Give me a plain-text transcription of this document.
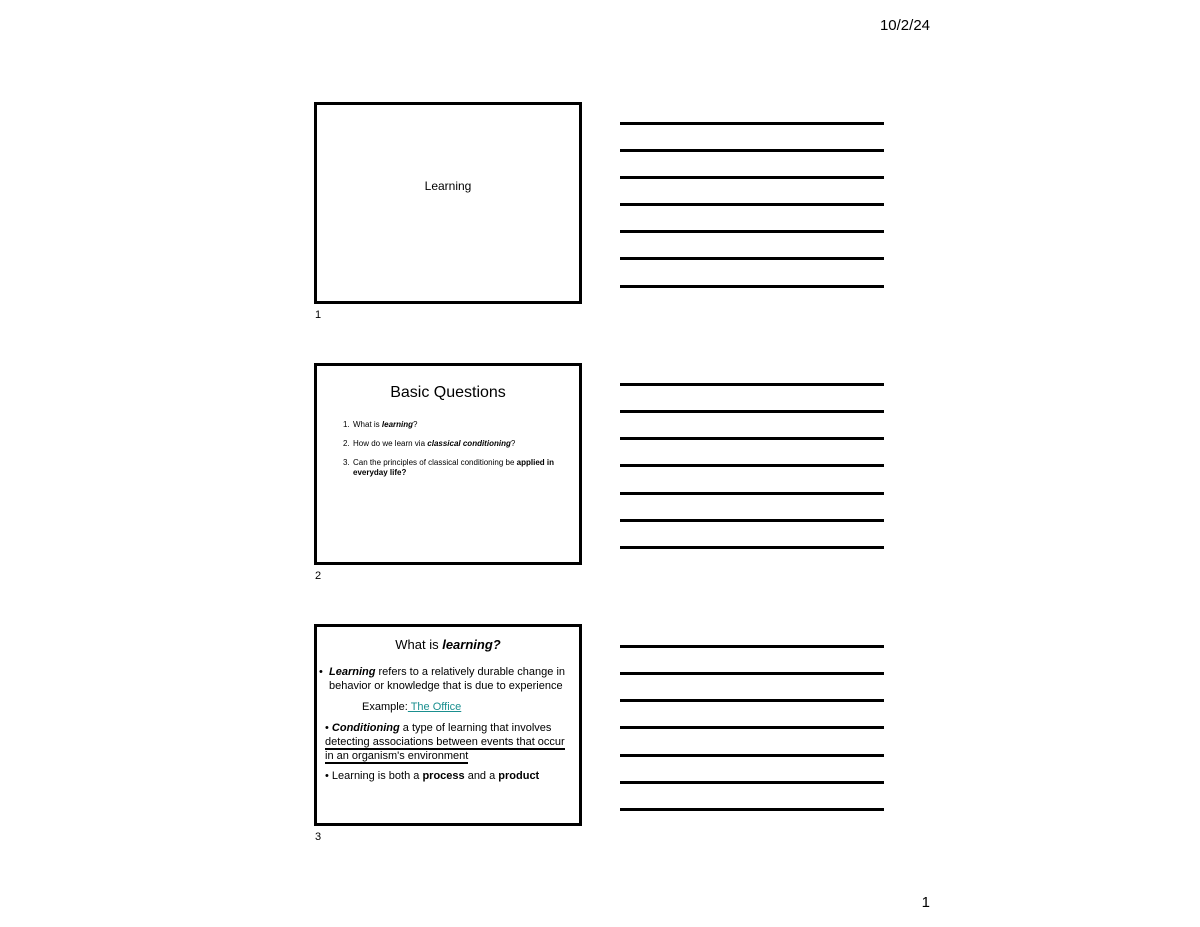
10/2/24
Learning
1
Basic Questions
1. What is learning?
2. How do we learn via classical conditioning?
3. Can the principles of classical conditioning be applied in everyday life?
2
What is learning?
• Learning refers to a relatively durable change in behavior or knowledge that is due to experience
Example: The Office
• Conditioning a type of learning that involves detecting associations between events that occur in an organism's environment
• Learning is both a process and a product
3
1
